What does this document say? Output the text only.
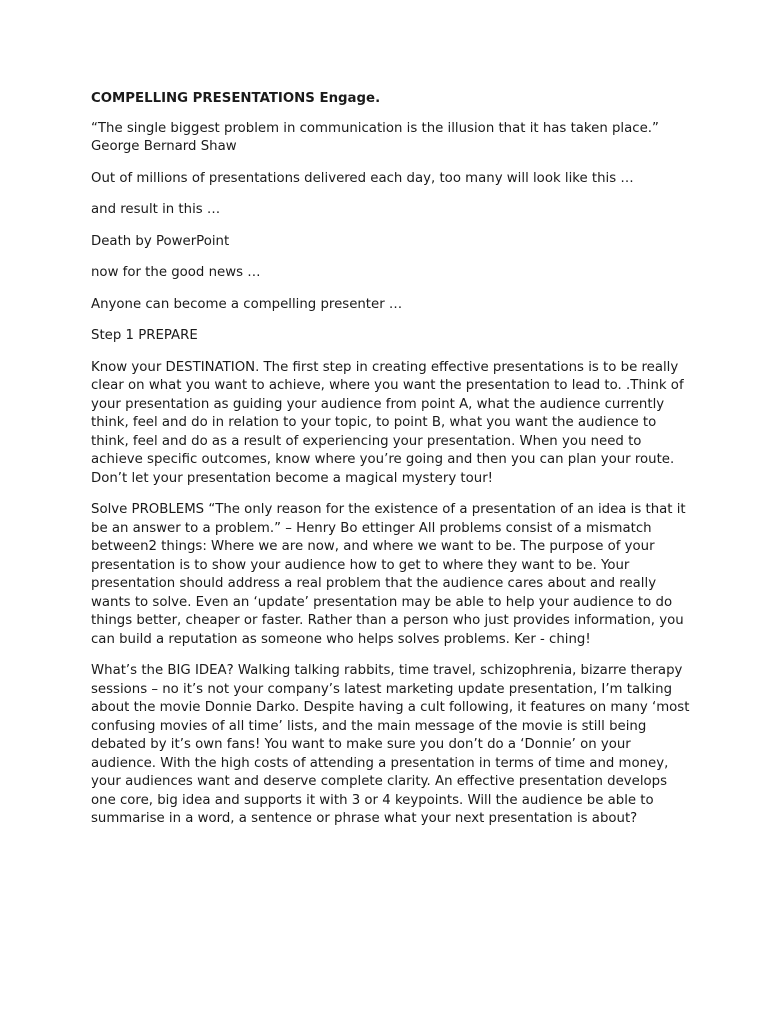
COMPELLING PRESENTATIONS Engage.

“The single biggest problem in communication is the illusion that it has taken place.” George Bernard Shaw

Out of millions of presentations delivered each day, too many will look like this …

and result in this …

Death by PowerPoint

now for the good news …

Anyone can become a compelling presenter …

Step 1 PREPARE

Know your DESTINATION. The first step in creating effective presentations is to be really clear on what you want to achieve, where you want the presentation to lead to. .Think of your presentation as guiding your audience from point A, what the audience currently think, feel and do in relation to your topic, to point B, what you want the audience to think, feel and do as a result of experiencing your presentation. When you need to achieve specific outcomes, know where you’re going and then you can plan your route. Don’t let your presentation become a magical mystery tour!

Solve PROBLEMS “The only reason for the existence of a presentation of an idea is that it be an answer to a problem.” – Henry Bo ettinger All problems consist of a mismatch between2 things: Where we are now, and where we want to be. The purpose of your presentation is to show your audience how to get to where they want to be. Your presentation should address a real problem that the audience cares about and really wants to solve. Even an ‘update’ presentation may be able to help your audience to do things better, cheaper or faster. Rather than a person who just provides information, you can build a reputation as someone who helps solves problems. Ker - ching!

What’s the BIG IDEA? Walking talking rabbits, time travel, schizophrenia, bizarre therapy sessions – no it’s not your company’s latest marketing update presentation, I’m talking about the movie Donnie Darko. Despite having a cult following, it features on many ‘most confusing movies of all time’ lists, and the main message of the movie is still being debated by it’s own fans! You want to make sure you don’t do a ‘Donnie’ on your audience. With the high costs of attending a presentation in terms of time and money, your audiences want and deserve complete clarity. An effective presentation develops one core, big idea and supports it with 3 or 4 keypoints. Will the audience be able to summarise in a word, a sentence or phrase what your next presentation is about?
